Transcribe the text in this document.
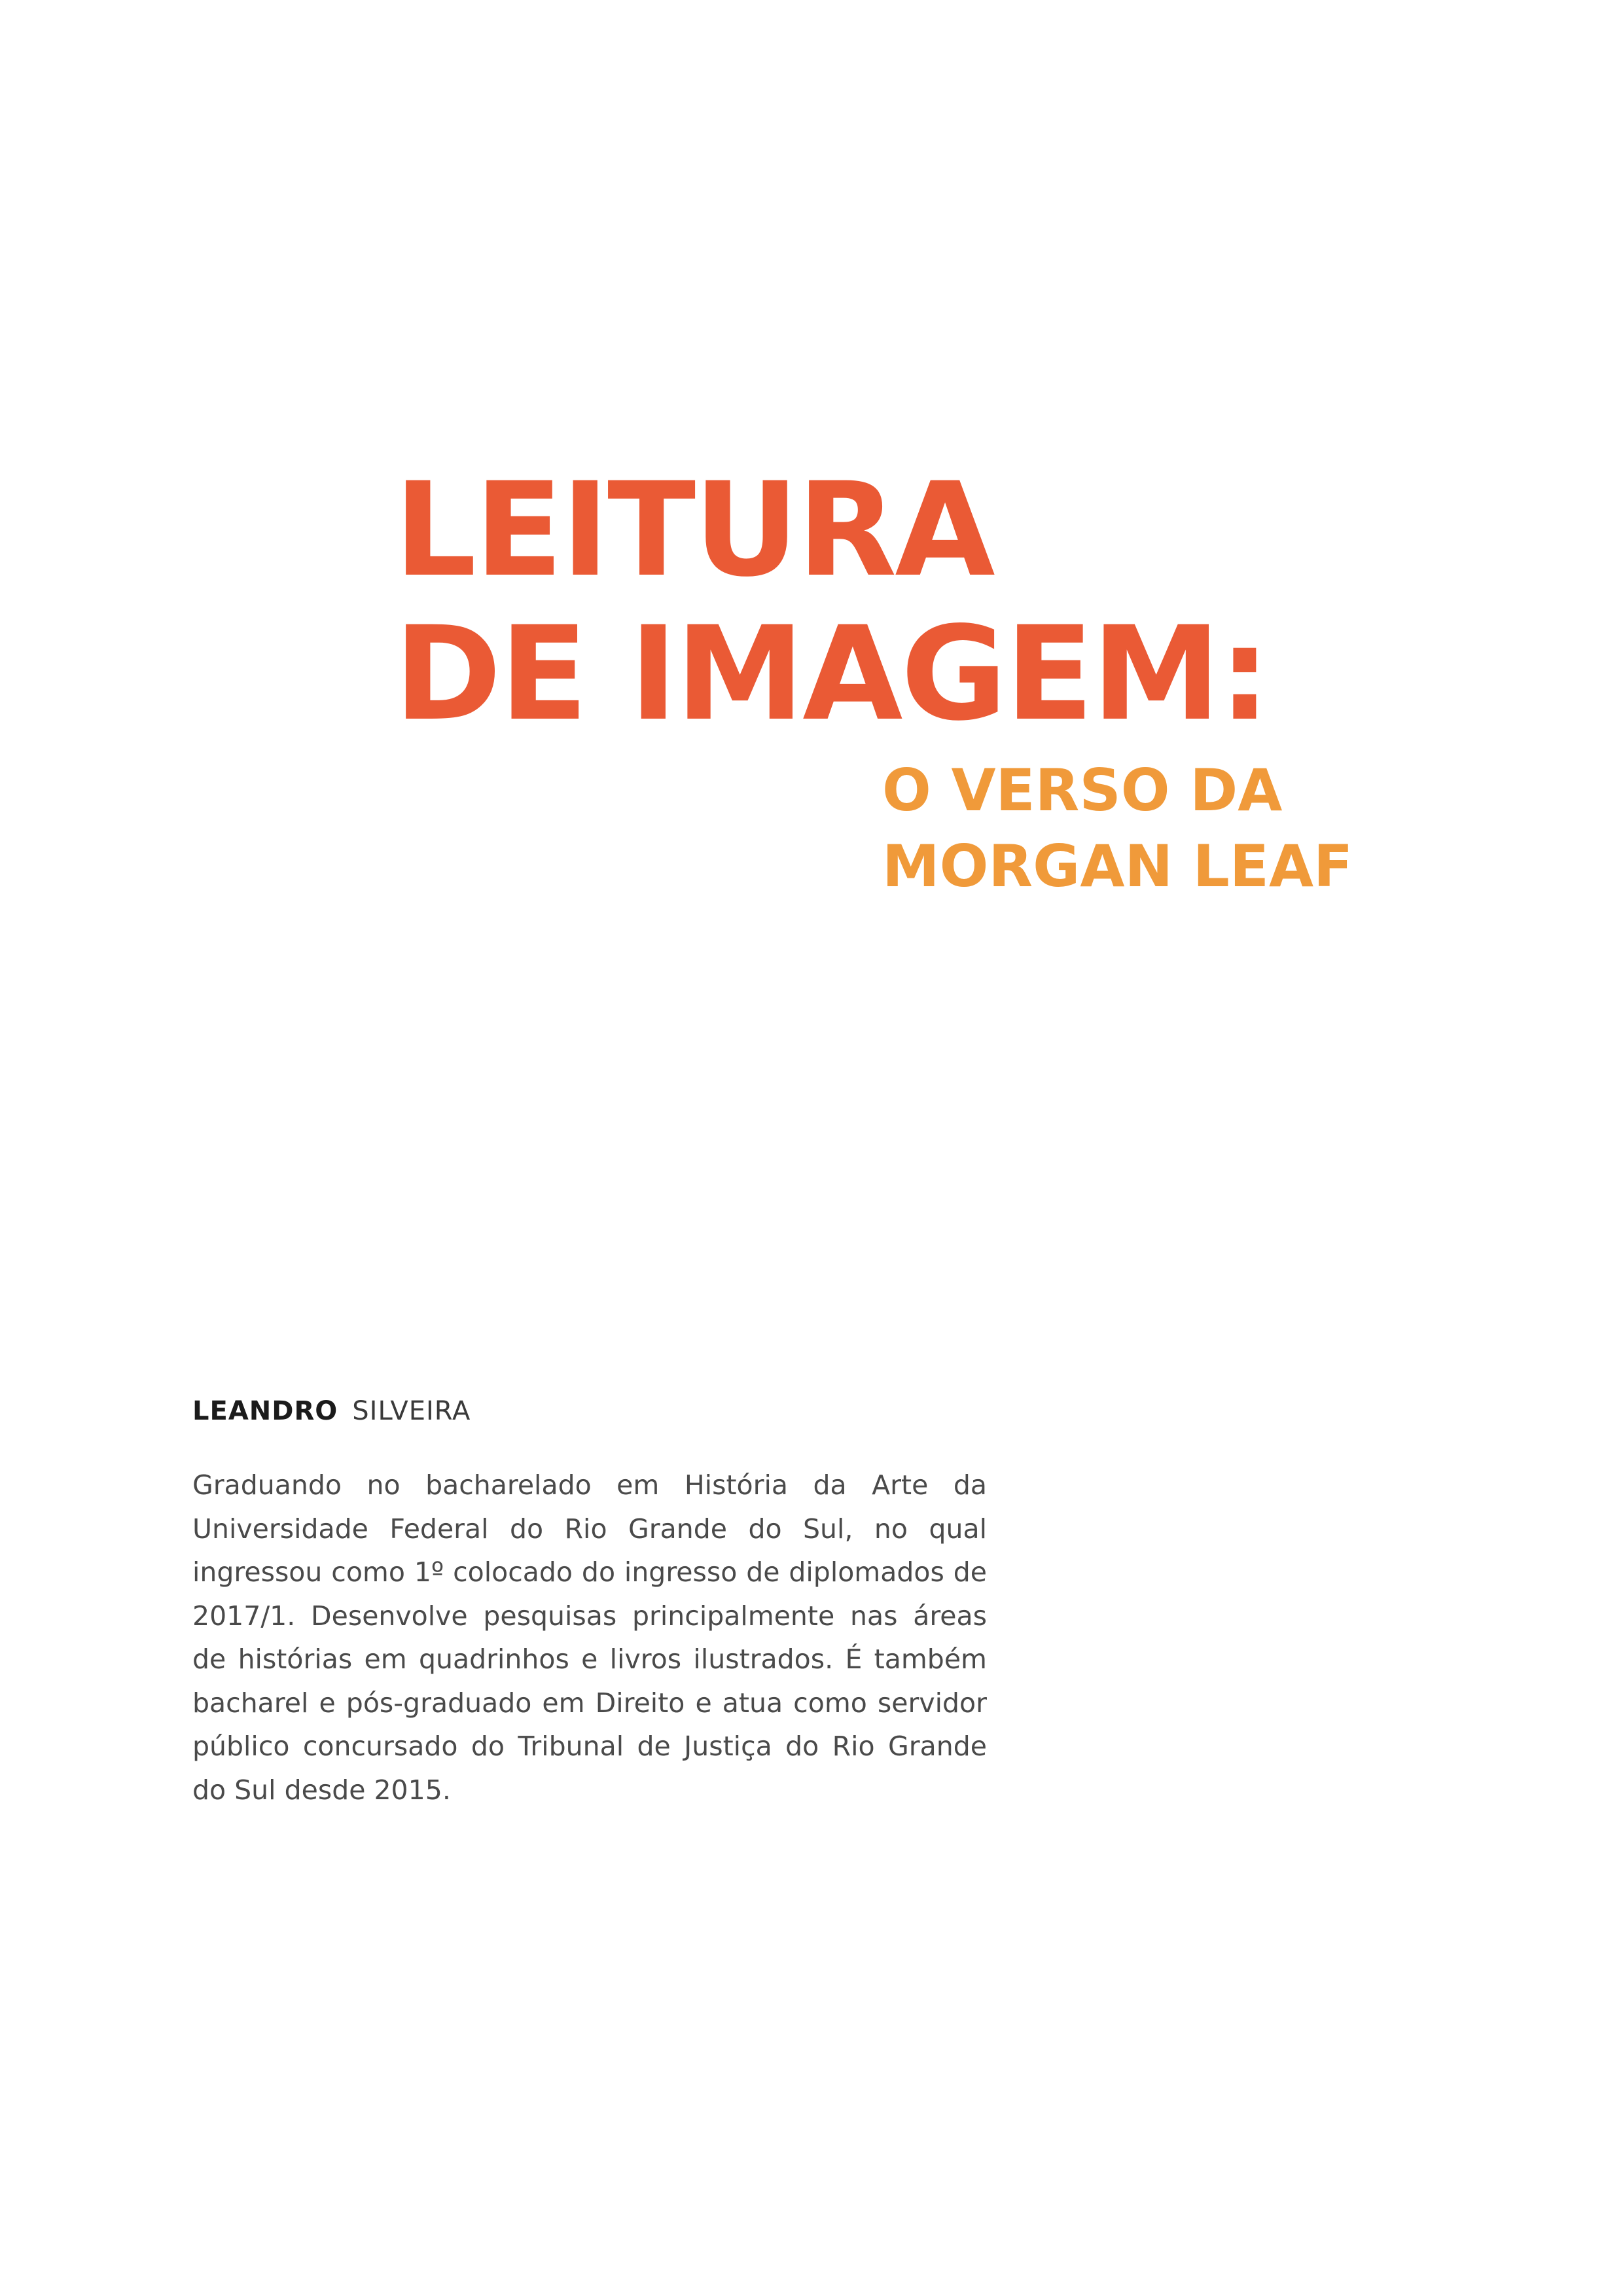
LEITURA
DE IMAGEM:
O VERSO DA
MORGAN LEAF
LEANDRO SILVEIRA

Graduando no bacharelado em História da Arte da Universidade Federal do Rio Grande do Sul, no qual ingressou como 1º colocado do ingresso de diplomados de 2017/1. Desenvolve pesquisas principalmente nas áreas de histórias em quadrinhos e livros ilustrados. É também bacharel e pós-graduado em Direito e atua como servidor público concursado do Tribunal de Justiça do Rio Grande do Sul desde 2015.
